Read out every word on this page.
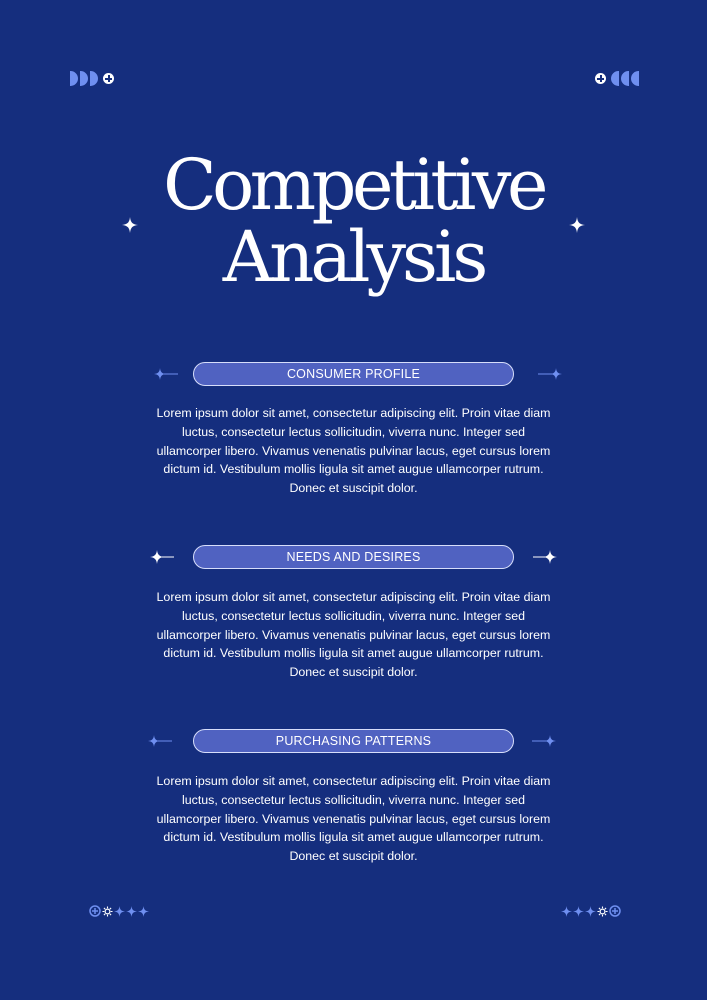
Competitive
Analysis
CONSUMER PROFILE

Lorem ipsum dolor sit amet, consectetur adipiscing elit. Proin vitae diam luctus, consectetur lectus sollicitudin, viverra nunc. Integer sed ullamcorper libero. Vivamus venenatis pulvinar lacus, eget cursus lorem dictum id. Vestibulum mollis ligula sit amet augue ullamcorper rutrum. Donec et suscipit dolor.

NEEDS AND DESIRES

Lorem ipsum dolor sit amet, consectetur adipiscing elit. Proin vitae diam luctus, consectetur lectus sollicitudin, viverra nunc. Integer sed ullamcorper libero. Vivamus venenatis pulvinar lacus, eget cursus lorem dictum id. Vestibulum mollis ligula sit amet augue ullamcorper rutrum. Donec et suscipit dolor.

PURCHASING PATTERNS

Lorem ipsum dolor sit amet, consectetur adipiscing elit. Proin vitae diam luctus, consectetur lectus sollicitudin, viverra nunc. Integer sed ullamcorper libero. Vivamus venenatis pulvinar lacus, eget cursus lorem dictum id. Vestibulum mollis ligula sit amet augue ullamcorper rutrum. Donec et suscipit dolor.
